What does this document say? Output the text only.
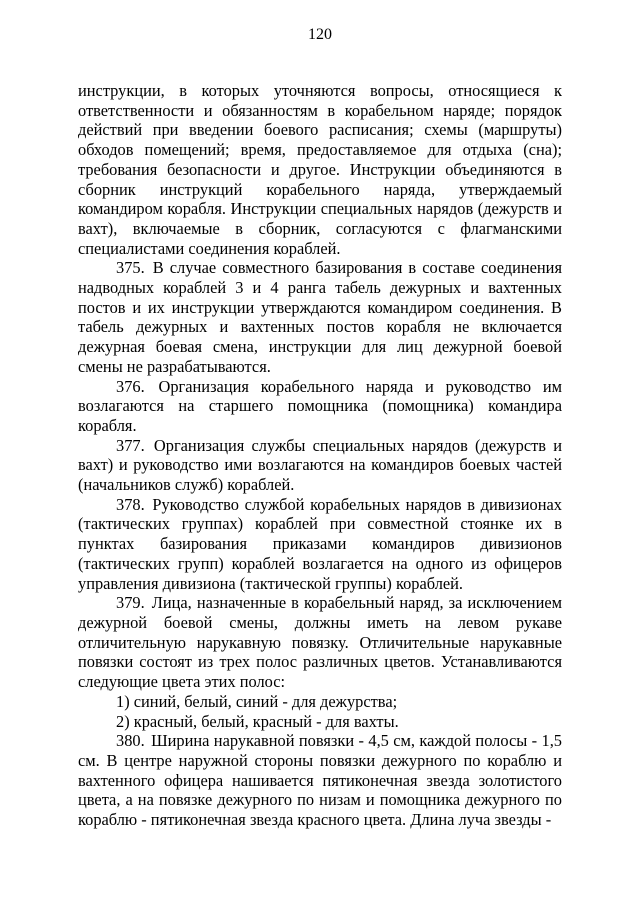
120

инструкции, в которых уточняются вопросы, относящиеся к ответственности и обязанностям в корабельном наряде; порядок действий при введении боевого расписания; схемы (маршруты) обходов помещений; время, предоставляемое для отдыха (сна); требования безопасности и другое. Инструкции объединяются в сборник инструкций корабельного наряда, утверждаемый командиром корабля. Инструкции специальных нарядов (дежурств и вахт), включаемые в сборник, согласуются с флагманскими специалистами соединения кораблей.

375. В случае совместного базирования в составе соединения надводных кораблей 3 и 4 ранга табель дежурных и вахтенных постов и их инструкции утверждаются командиром соединения. В табель дежурных и вахтенных постов корабля не включается дежурная боевая смена, инструкции для лиц дежурной боевой смены не разрабатываются.

376. Организация корабельного наряда и руководство им возлагаются на старшего помощника (помощника) командира корабля.

377. Организация службы специальных нарядов (дежурств и вахт) и руководство ими возлагаются на командиров боевых частей (начальников служб) кораблей.

378. Руководство службой корабельных нарядов в дивизионах (тактических группах) кораблей при совместной стоянке их в пунктах базирования приказами командиров дивизионов (тактических групп) кораблей возлагается на одного из офицеров управления дивизиона (тактической группы) кораблей.

379. Лица, назначенные в корабельный наряд, за исключением дежурной боевой смены, должны иметь на левом рукаве отличительную нарукавную повязку. Отличительные нарукавные повязки состоят из трех полос различных цветов. Устанавливаются следующие цвета этих полос:

1) синий, белый, синий - для дежурства;

2) красный, белый, красный - для вахты.

380. Ширина нарукавной повязки - 4,5 см, каждой полосы - 1,5 см. В центре наружной стороны повязки дежурного по кораблю и вахтенного офицера нашивается пятиконечная звезда золотистого цвета, а на повязке дежурного по низам и помощника дежурного по кораблю - пятиконечная звезда красного цвета. Длина луча звезды -
